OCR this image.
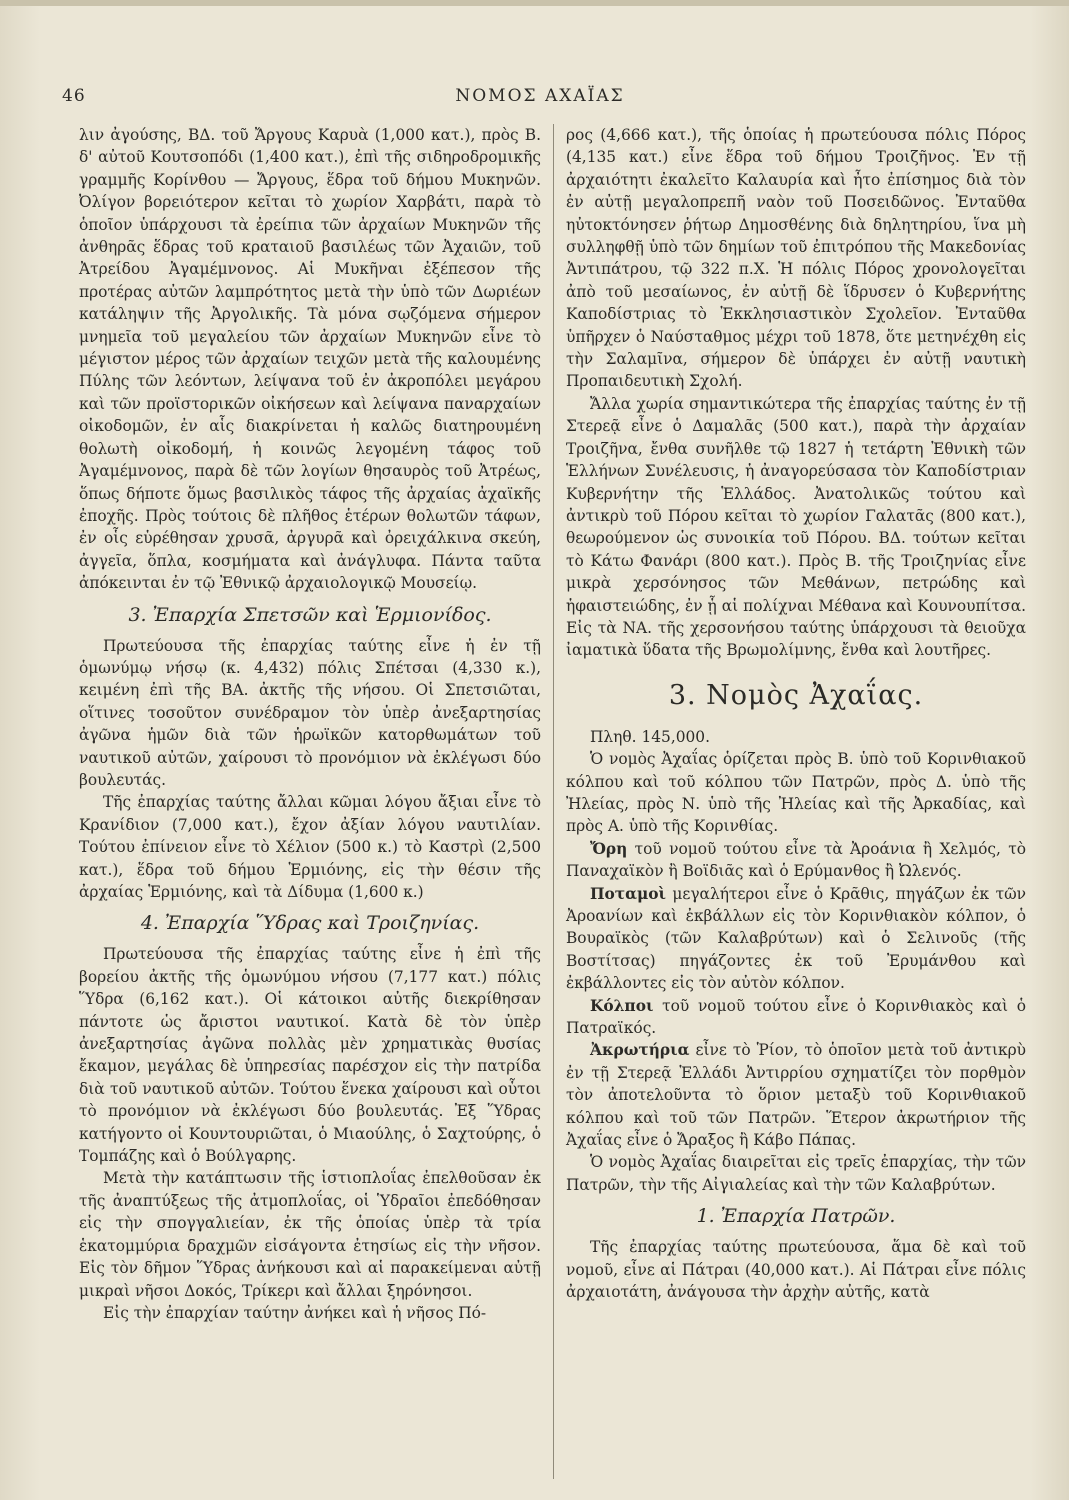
46	ΝΟΜΟΣ ΑΧΑΪΑΣ

λιν ἀγούσης, ΒΔ. τοῦ Ἄργους Καρυὰ (1,000 κατ.), πρὸς Β. δ' αὐτοῦ Κουτσοπόδι (1,400 κατ.), ἐπὶ τῆς σιδηροδρομικῆς γραμμῆς Κορίνθου — Ἄργους, ἕδρα τοῦ δήμου Μυκηνῶν. Ὀλίγον βορειότερον κεῖται τὸ χωρίον Χαρβάτι, παρὰ τὸ ὁποῖον ὑπάρχουσι τὰ ἐρείπια τῶν ἀρχαίων Μυκηνῶν τῆς ἀνθηρᾶς ἕδρας τοῦ κραταιοῦ βασιλέως τῶν Ἀχαιῶν, τοῦ Ἀτρείδου Ἀγαμέμνονος. Αἱ Μυκῆναι ἐξέπεσον τῆς προτέρας αὐτῶν λαμπρότητος μετὰ τὴν ὑπὸ τῶν Δωριέων κατάληψιν τῆς Ἀργολικῆς. Τὰ μόνα σῳζόμενα σήμερον μνημεῖα τοῦ μεγαλείου τῶν ἀρχαίων Μυκηνῶν εἶνε τὸ μέγιστον μέρος τῶν ἀρχαίων τειχῶν μετὰ τῆς καλουμένης Πύλης τῶν λεόντων, λείψανα τοῦ ἐν ἀκροπόλει μεγάρου καὶ τῶν προϊστορικῶν οἰκήσεων καὶ λείψανα παναρχαίων οἰκοδομῶν, ἐν αἷς διακρίνεται ἡ καλῶς διατηρουμένη θολωτὴ οἰκοδομή, ἡ κοινῶς λεγομένη τάφος τοῦ Ἀγαμέμνονος, παρὰ δὲ τῶν λογίων θησαυρὸς τοῦ Ἀτρέως, ὅπως δήποτε ὅμως βασιλικὸς τάφος τῆς ἀρχαίας ἀχαϊκῆς ἐποχῆς. Πρὸς τούτοις δὲ πλῆθος ἑτέρων θολωτῶν τάφων, ἐν οἷς εὑρέθησαν χρυσᾶ, ἀργυρᾶ καὶ ὀρειχάλκινα σκεύη, ἀγγεῖα, ὅπλα, κοσμήματα καὶ ἀνάγλυφα. Πάντα ταῦτα ἀπόκεινται ἐν τῷ Ἐθνικῷ ἀρχαιολογικῷ Μουσείῳ.

3. Ἐπαρχία Σπετσῶν καὶ Ἑρμιονίδος.

Πρωτεύουσα τῆς ἐπαρχίας ταύτης εἶνε ἡ ἐν τῇ ὁμωνύμῳ νήσῳ (κ. 4,432) πόλις Σπέτσαι (4,330 κ.), κειμένη ἐπὶ τῆς ΒΑ. ἀκτῆς τῆς νήσου. Οἱ Σπετσιῶται, οἵτινες τοσοῦτον συνέδραμον τὸν ὑπὲρ ἀνεξαρτησίας ἀγῶνα ἡμῶν διὰ τῶν ἡρωϊκῶν κατορθωμάτων τοῦ ναυτικοῦ αὐτῶν, χαίρουσι τὸ προνόμιον νὰ ἐκλέγωσι δύο βουλευτάς.

Τῆς ἐπαρχίας ταύτης ἄλλαι κῶμαι λόγου ἄξιαι εἶνε τὸ Κρανίδιον (7,000 κατ.), ἔχον ἀξίαν λόγου ναυτιλίαν. Τούτου ἐπίνειον εἶνε τὸ Χέλιον (500 κ.) τὸ Καστρὶ (2,500 κατ.), ἕδρα τοῦ δήμου Ἑρμιόνης, εἰς τὴν θέσιν τῆς ἀρχαίας Ἑρμιόνης, καὶ τὰ Δίδυμα (1,600 κ.)

4. Ἐπαρχία Ὕδρας καὶ Τροιζηνίας.

Πρωτεύουσα τῆς ἐπαρχίας ταύτης εἶνε ἡ ἐπὶ τῆς βορείου ἀκτῆς τῆς ὁμωνύμου νήσου (7,177 κατ.) πόλις Ὕδρα (6,162 κατ.). Οἱ κάτοικοι αὐτῆς διεκρίθησαν πάντοτε ὡς ἄριστοι ναυτικοί. Κατὰ δὲ τὸν ὑπὲρ ἀνεξαρτησίας ἀγῶνα πολλὰς μὲν χρηματικὰς θυσίας ἔκαμον, μεγάλας δὲ ὑπηρεσίας παρέσχον εἰς τὴν πατρίδα διὰ τοῦ ναυτικοῦ αὐτῶν. Τούτου ἕνεκα χαίρουσι καὶ οὗτοι τὸ προνόμιον νὰ ἐκλέγωσι δύο βουλευτάς. Ἐξ Ὕδρας κατήγοντο οἱ Κουντουριῶται, ὁ Μιαούλης, ὁ Σαχτούρης, ὁ Τομπάζης καὶ ὁ Βούλγαρης.

Μετὰ τὴν κατάπτωσιν τῆς ἱστιοπλοΐας ἐπελθοῦσαν ἐκ τῆς ἀναπτύξεως τῆς ἀτμοπλοΐας, οἱ Ὑδραῖοι ἐπεδόθησαν εἰς τὴν σπογγαλιείαν, ἐκ τῆς ὁποίας ὑπὲρ τὰ τρία ἑκατομμύρια δραχμῶν εἰσάγοντα ἐτησίως εἰς τὴν νῆσον. Εἰς τὸν δῆμον Ὕδρας ἀνήκουσι καὶ αἱ παρακείμεναι αὐτῇ μικραὶ νῆσοι Δοκός, Τρίκερι καὶ ἄλλαι ξηρόνησοι.

Εἰς τὴν ἐπαρχίαν ταύτην ἀνήκει καὶ ἡ νῆσος Πό-

ρος (4,666 κατ.), τῆς ὁποίας ἡ πρωτεύουσα πόλις Πόρος (4,135 κατ.) εἶνε ἕδρα τοῦ δήμου Τροιζῆνος. Ἐν τῇ ἀρχαιότητι ἐκαλεῖτο Καλαυρία καὶ ἦτο ἐπίσημος διὰ τὸν ἐν αὐτῇ μεγαλοπρεπῆ ναὸν τοῦ Ποσειδῶνος. Ἐνταῦθα ηὐτοκτόνησεν ῥήτωρ Δημοσθένης διὰ δηλητηρίου, ἵνα μὴ συλληφθῇ ὑπὸ τῶν δημίων τοῦ ἐπιτρόπου τῆς Μακεδονίας Ἀντιπάτρου, τῷ 322 π.Χ. Ἡ πόλις Πόρος χρονολογεῖται ἀπὸ τοῦ μεσαίωνος, ἐν αὐτῇ δὲ ἵδρυσεν ὁ Κυβερνήτης Καποδίστριας τὸ Ἐκκλησιαστικὸν Σχολεῖον. Ἐνταῦθα ὑπῆρχεν ὁ Ναύσταθμος μέχρι τοῦ 1878, ὅτε μετηνέχθη εἰς τὴν Σαλαμῖνα, σήμερον δὲ ὑπάρχει ἐν αὐτῇ ναυτικὴ Προπαιδευτικὴ Σχολή.

Ἄλλα χωρία σημαντικώτερα τῆς ἐπαρχίας ταύτης ἐν τῇ Στερεᾷ εἶνε ὁ Δαμαλᾶς (500 κατ.), παρὰ τὴν ἀρχαίαν Τροιζῆνα, ἔνθα συνῆλθε τῷ 1827 ἡ τετάρτη Ἐθνικὴ τῶν Ἑλλήνων Συνέλευσις, ἡ ἀναγορεύσασα τὸν Καποδίστριαν Κυβερνήτην τῆς Ἑλλάδος. Ἀνατολικῶς τούτου καὶ ἀντικρὺ τοῦ Πόρου κεῖται τὸ χωρίον Γαλατᾶς (800 κατ.), θεωρούμενον ὡς συνοικία τοῦ Πόρου. ΒΔ. τούτων κεῖται τὸ Κάτω Φανάρι (800 κατ.). Πρὸς Β. τῆς Τροιζηνίας εἶνε μικρὰ χερσόνησος τῶν Μεθάνων, πετρώδης καὶ ἡφαιστειώδης, ἐν ᾗ αἱ πολίχναι Μέθανα καὶ Κουνουπίτσα. Εἰς τὰ ΝΑ. τῆς χερσονήσου ταύτης ὑπάρχουσι τὰ θειοῦχα ἰαματικὰ ὕδατα τῆς Βρωμολίμνης, ἔνθα καὶ λουτῆρες.

3. Νομὸς Ἀχαΐας.

Πληθ. 145,000.

Ὁ νομὸς Ἀχαΐας ὁρίζεται πρὸς Β. ὑπὸ τοῦ Κορινθιακοῦ κόλπου καὶ τοῦ κόλπου τῶν Πατρῶν, πρὸς Δ. ὑπὸ τῆς Ἠλείας, πρὸς Ν. ὑπὸ τῆς Ἠλείας καὶ τῆς Ἀρκαδίας, καὶ πρὸς Α. ὑπὸ τῆς Κορινθίας.

Ὄρη τοῦ νομοῦ τούτου εἶνε τὰ Ἀροάνια ἢ Χελμός, τὸ Παναχαϊκὸν ἢ Βοϊδιᾶς καὶ ὁ Ερύμανθος ἢ Ὠλενός.

Ποταμοὶ μεγαλήτεροι εἶνε ὁ Κρᾶθις, πηγάζων ἐκ τῶν Ἀροανίων καὶ ἐκβάλλων εἰς τὸν Κορινθιακὸν κόλπον, ὁ Βουραϊκὸς (τῶν Καλαβρύτων) καὶ ὁ Σελινοῦς (τῆς Βοστίτσας) πηγάζοντες ἐκ τοῦ Ἐρυμάνθου καὶ ἐκβάλλοντες εἰς τὸν αὐτὸν κόλπον.

Κόλποι τοῦ νομοῦ τούτου εἶνε ὁ Κορινθιακὸς καὶ ὁ Πατραϊκός.

Ἀκρωτήρια εἶνε τὸ Ῥίον, τὸ ὁποῖον μετὰ τοῦ ἀντικρὺ ἐν τῇ Στερεᾷ Ἑλλάδι Ἀντιρρίου σχηματίζει τὸν πορθμὸν τὸν ἀποτελοῦντα τὸ ὅριον μεταξὺ τοῦ Κορινθιακοῦ κόλπου καὶ τοῦ τῶν Πατρῶν. Ἕτερον ἀκρωτήριον τῆς Ἀχαΐας εἶνε ὁ Ἄραξος ἢ Κάβο Πάπας.

Ὁ νομὸς Ἀχαΐας διαιρεῖται εἰς τρεῖς ἐπαρχίας, τὴν τῶν Πατρῶν, τὴν τῆς Αἰγιαλείας καὶ τὴν τῶν Καλαβρύτων.

1. Ἐπαρχία Πατρῶν.

Τῆς ἐπαρχίας ταύτης πρωτεύουσα, ἅμα δὲ καὶ τοῦ νομοῦ, εἶνε αἱ Πάτραι (40,000 κατ.). Αἱ Πάτραι εἶνε πόλις ἀρχαιοτάτη, ἀνάγουσα τὴν ἀρχὴν αὐτῆς, κατὰ
